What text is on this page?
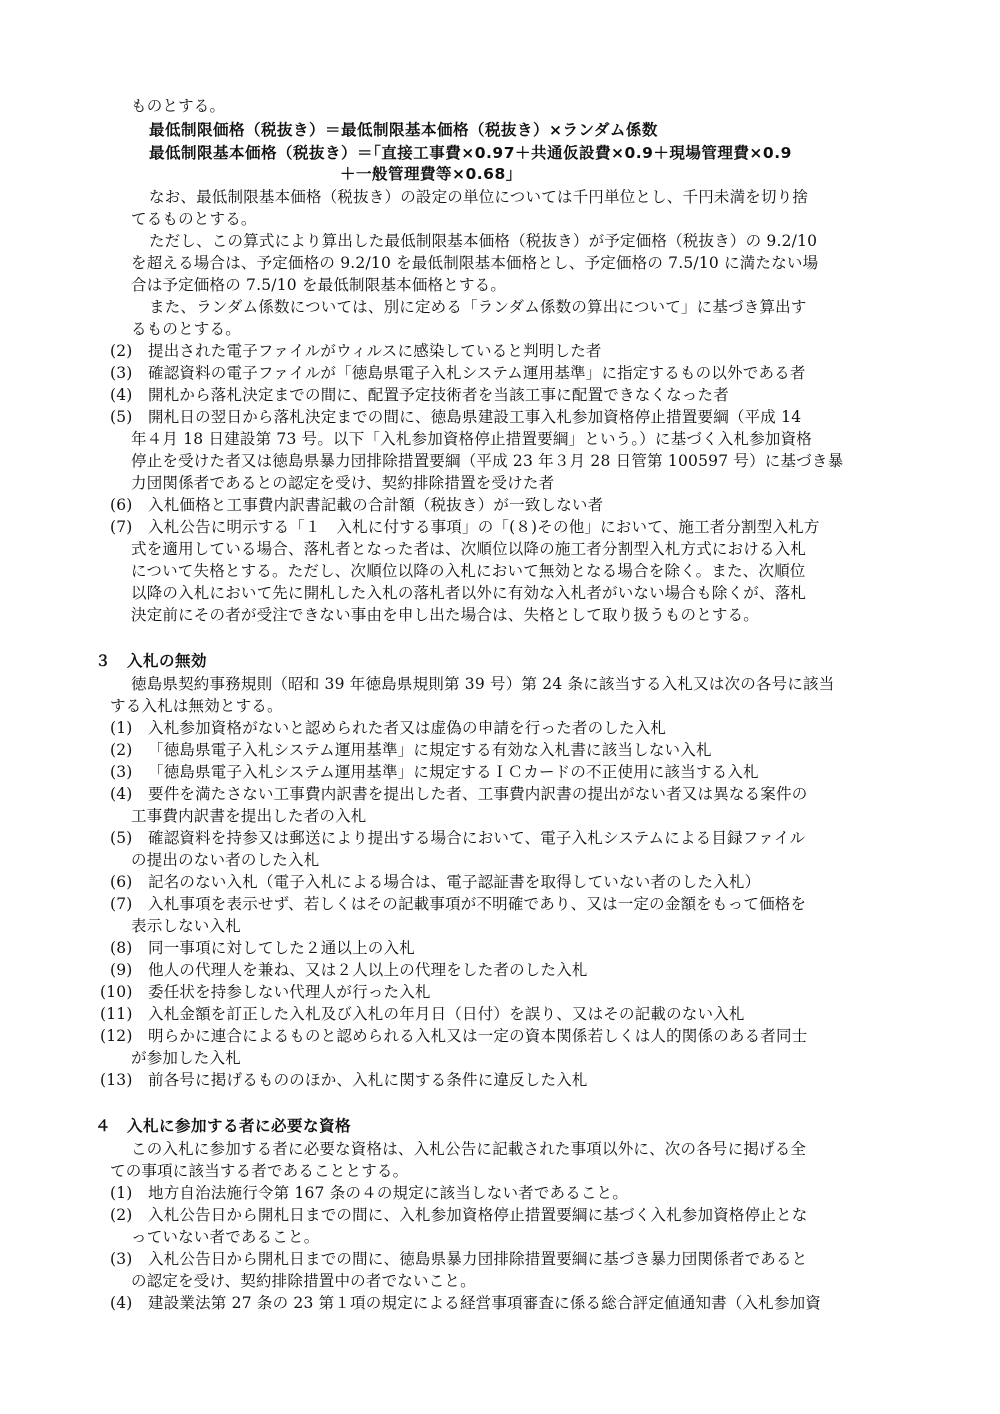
ものとする。
最低制限価格（税抜き）＝最低制限基本価格（税抜き）×ランダム係数
最低制限基本価格（税抜き）＝｢直接工事費×0.97＋共通仮設費×0.9＋現場管理費×0.9
＋一般管理費等×0.68｣
なお、最低制限基本価格（税抜き）の設定の単位については千円単位とし、千円未満を切り捨
てるものとする。
ただし、この算式により算出した最低制限基本価格（税抜き）が予定価格（税抜き）の 9.2/10
を超える場合は、予定価格の 9.2/10 を最低制限基本価格とし、予定価格の 7.5/10 に満たない場
合は予定価格の 7.5/10 を最低制限基本価格とする。
また、ランダム係数については、別に定める「ランダム係数の算出について」に基づき算出す
るものとする。
(2) 提出された電子ファイルがウィルスに感染していると判明した者
(3) 確認資料の電子ファイルが「徳島県電子入札システム運用基準」に指定するもの以外である者
(4) 開札から落札決定までの間に、配置予定技術者を当該工事に配置できなくなった者
(5) 開札日の翌日から落札決定までの間に、徳島県建設工事入札参加資格停止措置要綱（平成 14
年４月 18 日建設第 73 号。以下「入札参加資格停止措置要綱」という。）に基づく入札参加資格
停止を受けた者又は徳島県暴力団排除措置要綱（平成 23 年３月 28 日管第 100597 号）に基づき暴
力団関係者であるとの認定を受け、契約排除措置を受けた者
(6) 入札価格と工事費内訳書記載の合計額（税抜き）が一致しない者
(7) 入札公告に明示する「１　入札に付する事項」の「(８)その他」において、施工者分割型入札方
式を適用している場合、落札者となった者は、次順位以降の施工者分割型入札方式における入札
について失格とする。ただし、次順位以降の入札において無効となる場合を除く。また、次順位
以降の入札において先に開札した入札の落札者以外に有効な入札者がいない場合も除くが、落札
決定前にその者が受注できない事由を申し出た場合は、失格として取り扱うものとする。
３　入札の無効
徳島県契約事務規則（昭和 39 年徳島県規則第 39 号）第 24 条に該当する入札又は次の各号に該当
する入札は無効とする。
(1) 入札参加資格がないと認められた者又は虚偽の申請を行った者のした入札
(2) 「徳島県電子入札システム運用基準」に規定する有効な入札書に該当しない入札
(3) 「徳島県電子入札システム運用基準」に規定するＩＣカードの不正使用に該当する入札
(4) 要件を満たさない工事費内訳書を提出した者、工事費内訳書の提出がない者又は異なる案件の
工事費内訳書を提出した者の入札
(5) 確認資料を持参又は郵送により提出する場合において、電子入札システムによる目録ファイル
の提出のない者のした入札
(6) 記名のない入札（電子入札による場合は、電子認証書を取得していない者のした入札）
(7) 入札事項を表示せず、若しくはその記載事項が不明確であり、又は一定の金額をもって価格を
表示しない入札
(8) 同一事項に対してした２通以上の入札
(9) 他人の代理人を兼ね、又は２人以上の代理をした者のした入札
(10) 委任状を持参しない代理人が行った入札
(11) 入札金額を訂正した入札及び入札の年月日（日付）を誤り、又はその記載のない入札
(12) 明らかに連合によるものと認められる入札又は一定の資本関係若しくは人的関係のある者同士
が参加した入札
(13) 前各号に掲げるもののほか、入札に関する条件に違反した入札
４　入札に参加する者に必要な資格
この入札に参加する者に必要な資格は、入札公告に記載された事項以外に、次の各号に掲げる全
ての事項に該当する者であることとする。
(1) 地方自治法施行令第 167 条の４の規定に該当しない者であること。
(2) 入札公告日から開札日までの間に、入札参加資格停止措置要綱に基づく入札参加資格停止とな
っていない者であること。
(3) 入札公告日から開札日までの間に、徳島県暴力団排除措置要綱に基づき暴力団関係者であると
の認定を受け、契約排除措置中の者でないこと。
(4) 建設業法第 27 条の 23 第１項の規定による経営事項審査に係る総合評定値通知書（入札参加資
